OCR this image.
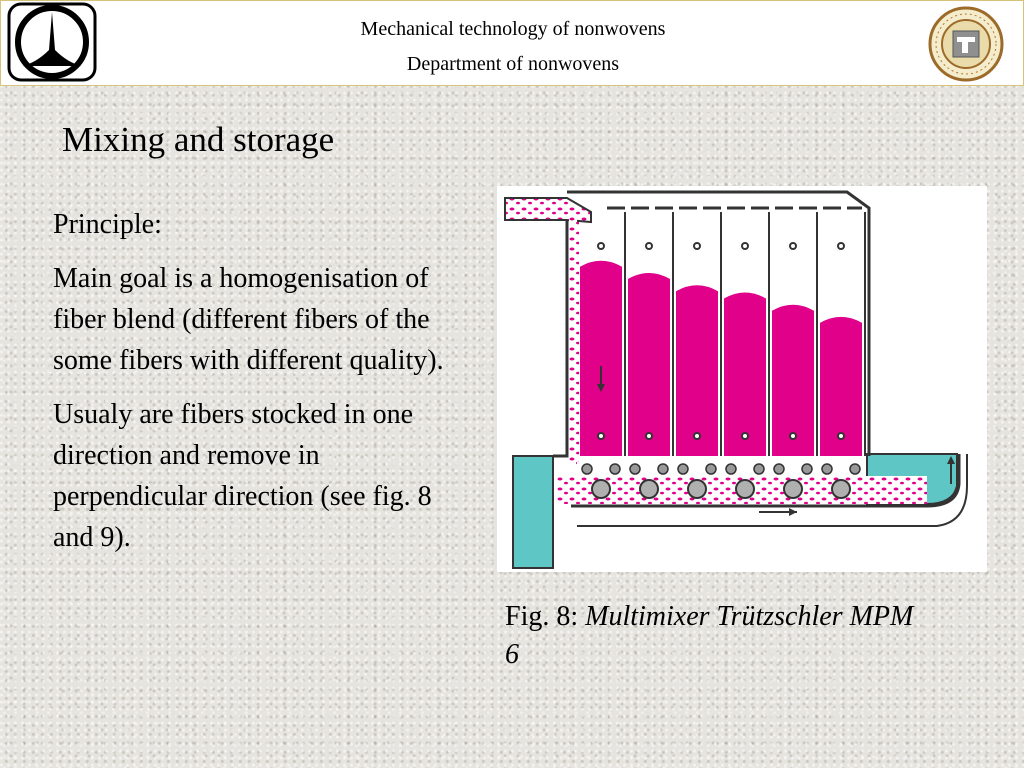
Mechanical technology of nonwovens
Department of nonwovens
Mixing and storage

Principle:

Main goal is a homogenisation of fiber blend (different fibers of the some fibers with different quality).

Usualy are fibers stocked in one direction and remove in perpendicular direction (see fig. 8 and 9).

Fig. 8: Multimixer Trützschler MPM 6
